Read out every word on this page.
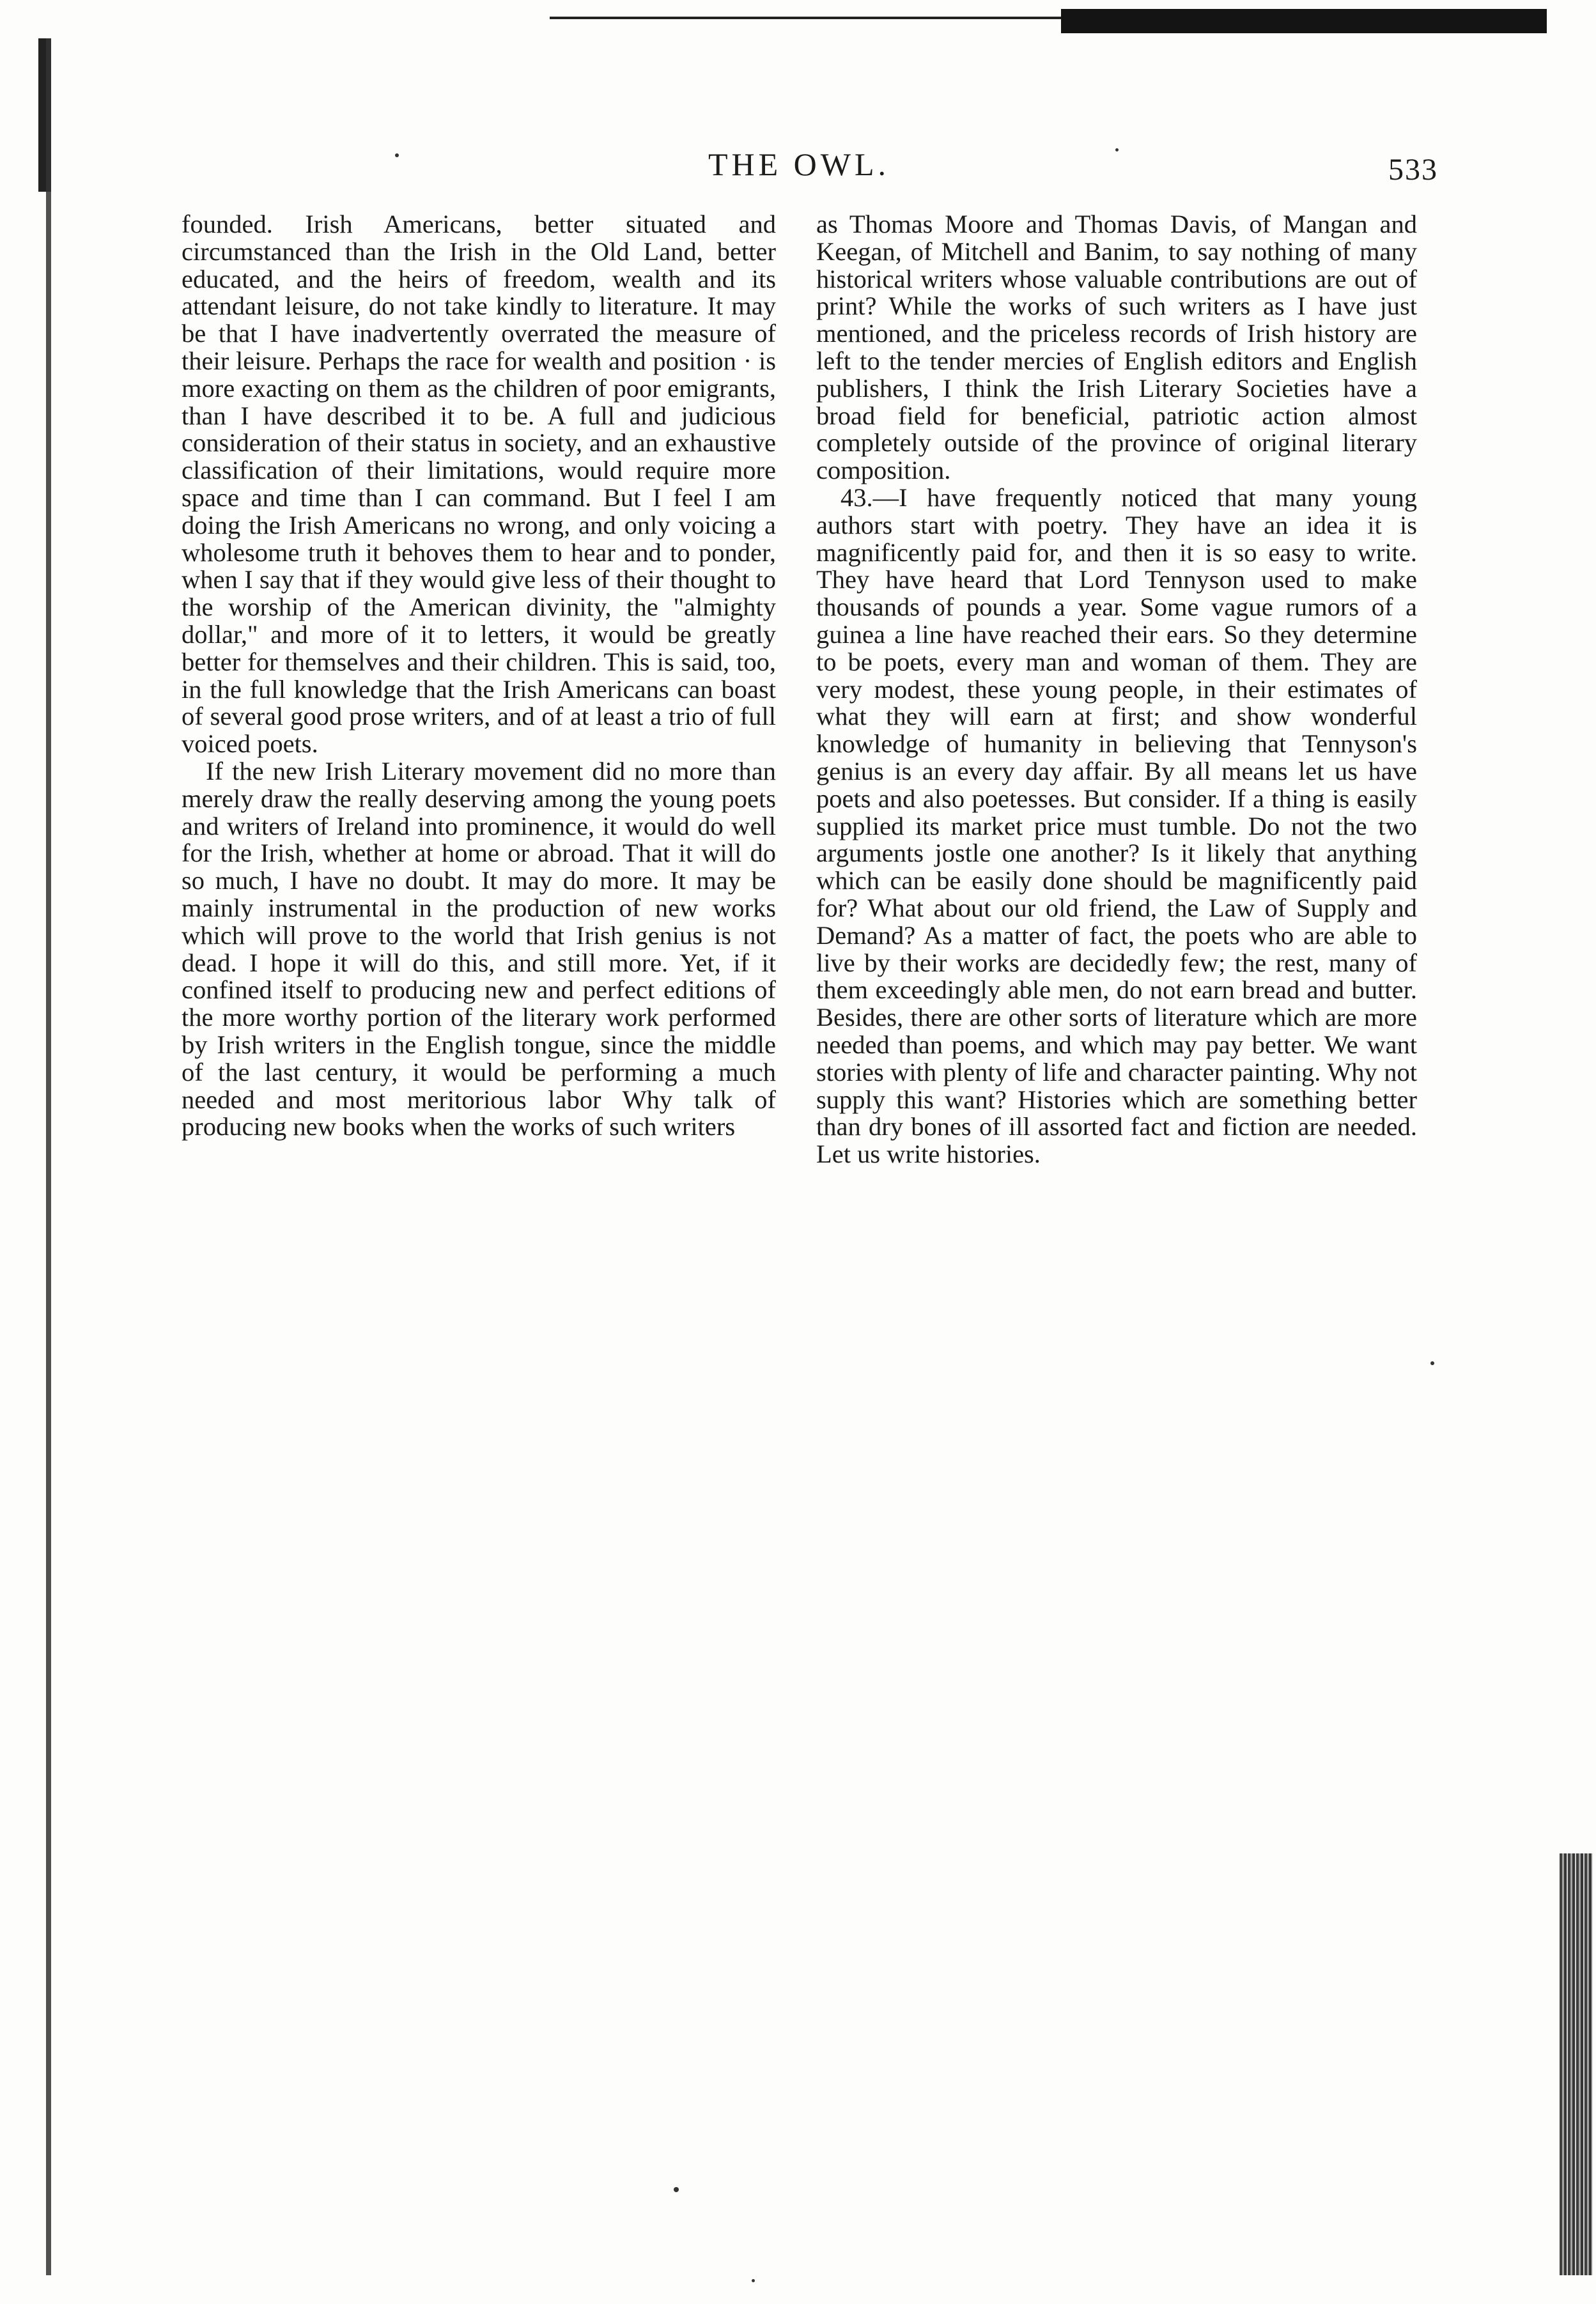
THE OWL.	533

founded. Irish Americans, better situated and circumstanced than the Irish in the Old Land, better educated, and the heirs of freedom, wealth and its attendant leisure, do not take kindly to literature. It may be that I have inadvertently overrated the measure of their leisure. Perhaps the race for wealth and position · is more exacting on them as the children of poor emigrants, than I have described it to be. A full and judicious consideration of their status in society, and an exhaustive classification of their limitations, would require more space and time than I can command. But I feel I am doing the Irish Americans no wrong, and only voicing a wholesome truth it behoves them to hear and to ponder, when I say that if they would give less of their thought to the worship of the American divinity, the "almighty dollar," and more of it to letters, it would be greatly better for themselves and their children. This is said, too, in the full knowledge that the Irish Americans can boast of several good prose writers, and of at least a trio of full voiced poets.

If the new Irish Literary movement did no more than merely draw the really deserving among the young poets and writers of Ireland into prominence, it would do well for the Irish, whether at home or abroad. That it will do so much, I have no doubt. It may do more. It may be mainly instrumental in the production of new works which will prove to the world that Irish genius is not dead. I hope it will do this, and still more. Yet, if it confined itself to producing new and perfect editions of the more worthy portion of the literary work performed by Irish writers in the English tongue, since the middle of the last century, it would be performing a much needed and most meritorious labor Why talk of producing new books when the works of such writers

as Thomas Moore and Thomas Davis, of Mangan and Keegan, of Mitchell and Banim, to say nothing of many historical writers whose valuable contributions are out of print? While the works of such writers as I have just mentioned, and the priceless records of Irish history are left to the tender mercies of English editors and English publishers, I think the Irish Literary Societies have a broad field for beneficial, patriotic action almost completely outside of the province of original literary composition.

43.—I have frequently noticed that many young authors start with poetry. They have an idea it is magnificently paid for, and then it is so easy to write. They have heard that Lord Tennyson used to make thousands of pounds a year. Some vague rumors of a guinea a line have reached their ears. So they determine to be poets, every man and woman of them. They are very modest, these young people, in their estimates of what they will earn at first; and show wonderful knowledge of humanity in believing that Tennyson's genius is an every day affair. By all means let us have poets and also poetesses. But consider. If a thing is easily supplied its market price must tumble. Do not the two arguments jostle one another? Is it likely that anything which can be easily done should be magnificently paid for? What about our old friend, the Law of Supply and Demand? As a matter of fact, the poets who are able to live by their works are decidedly few; the rest, many of them exceedingly able men, do not earn bread and butter. Besides, there are other sorts of literature which are more needed than poems, and which may pay better. We want stories with plenty of life and character painting. Why not supply this want? Histories which are something better than dry bones of ill assorted fact and fiction are needed. Let us write histories.
